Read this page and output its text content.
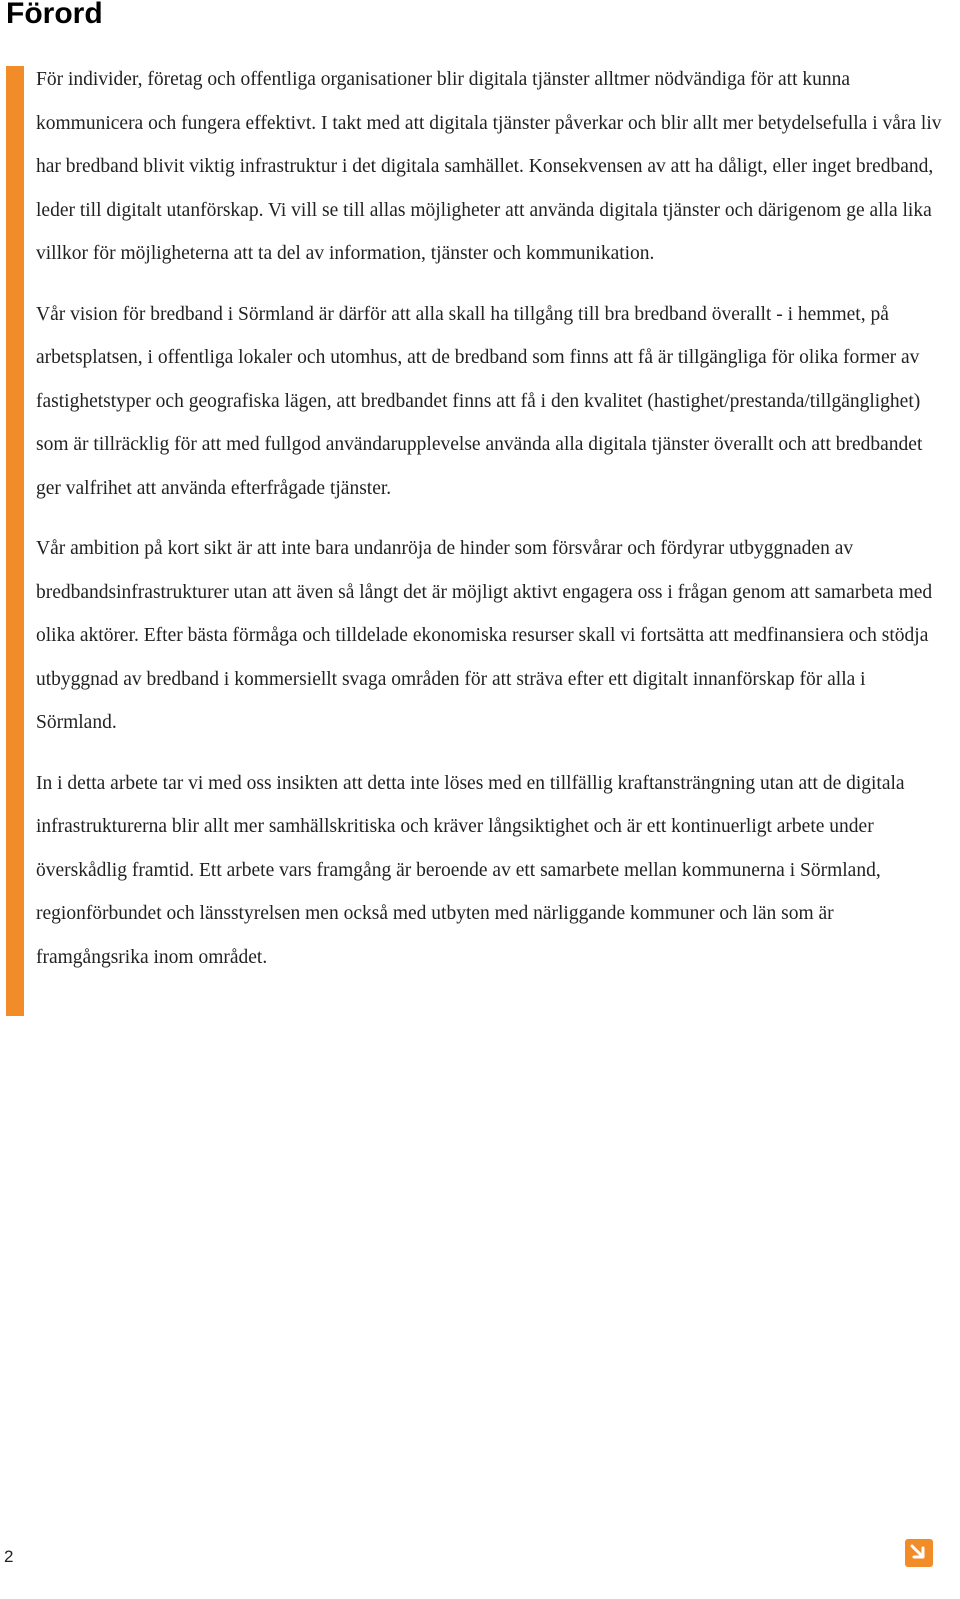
Förord

För individer, företag och offentliga organisationer blir digitala tjänster alltmer nödvändiga för att kunna kommunicera och fungera effektivt. I takt med att digitala tjänster påverkar och blir allt mer betydelsefulla i våra liv har bredband blivit viktig infrastruktur i det digitala samhället. Konsekvensen av att ha dåligt, eller inget bredband, leder till digitalt utanförskap. Vi vill se till allas möjligheter att använda digitala tjänster och därigenom ge alla lika villkor för möjligheterna att ta del av information, tjänster och kommunikation.

Vår vision för bredband i Sörmland är därför att alla skall ha tillgång till bra bredband överallt - i hemmet, på arbetsplatsen, i offentliga lokaler och utomhus, att de bredband som finns att få är tillgängliga för olika former av fastighetstyper och geografiska lägen, att bredbandet finns att få i den kvalitet (hastighet/prestanda/tillgänglighet) som är tillräcklig för att med fullgod användarupplevelse använda alla digitala tjänster överallt och att bredbandet ger valfrihet att använda efterfrågade tjänster.

Vår ambition på kort sikt är att inte bara undanröja de hinder som försvårar och fördyrar utbyggnaden av bredbandsinfrastrukturer utan att även så långt det är möjligt aktivt engagera oss i frågan genom att samarbeta med olika aktörer. Efter bästa förmåga och tilldelade ekonomiska resurser skall vi fortsätta att medfinansiera och stödja utbyggnad av bredband i kommersiellt svaga områden för att sträva efter ett digitalt innanförskap för alla i Sörmland.

In i detta arbete tar vi med oss insikten att detta inte löses med en tillfällig kraftansträngning utan att de digitala infrastrukturerna blir allt mer samhällskritiska och kräver långsiktighet och är ett kontinuerligt arbete under överskådlig framtid. Ett arbete vars framgång är beroende av ett samarbete mellan kommunerna i Sörmland, regionförbundet och länsstyrelsen men också med utbyten med närliggande kommuner och län som är framgångsrika inom området.

2
